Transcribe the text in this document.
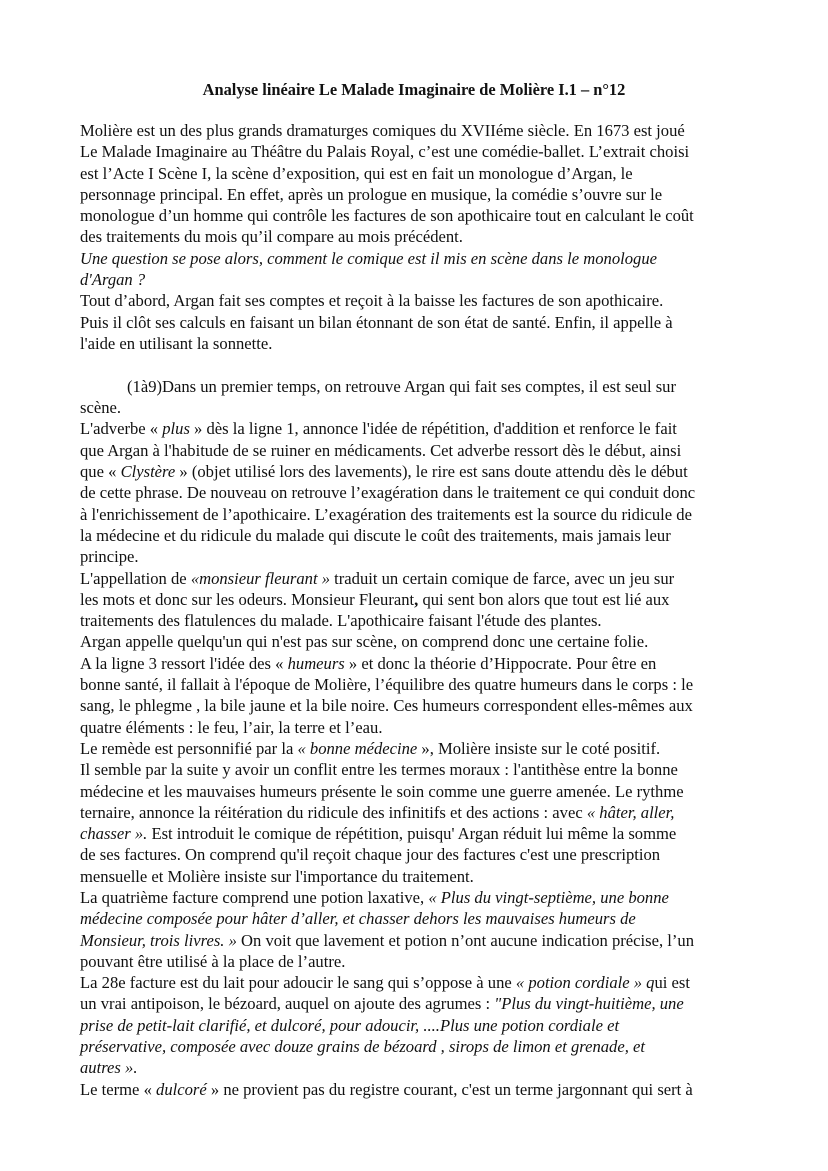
Analyse linéaire Le Malade Imaginaire de Molière I.1 – n°12
Molière est un des plus grands dramaturges comiques du XVIIéme siècle. En 1673 est joué
Le Malade Imaginaire au Théâtre du Palais Royal, c’est une comédie-ballet. L’extrait choisi
est l’Acte I Scène I, la scène d’exposition, qui est en fait un monologue d’Argan, le
personnage principal. En effet, après un prologue en musique, la comédie s’ouvre sur le
monologue d’un homme qui contrôle les factures de son apothicaire tout en calculant le coût
des traitements du mois qu’il compare au mois précédent.
Une question se pose alors, comment le comique est il mis en scène dans le monologue
d'Argan ?
Tout d’abord, Argan fait ses comptes et reçoit à la baisse les factures de son apothicaire.
Puis il clôt ses calculs en faisant un bilan étonnant de son état de santé. Enfin, il appelle à
l'aide en utilisant la sonnette.
(1à9)Dans un premier temps, on retrouve Argan qui fait ses comptes, il est seul sur
scène.
L'adverbe « plus » dès la ligne 1, annonce l'idée de répétition, d'addition et renforce le fait
que Argan à l'habitude de se ruiner en médicaments. Cet adverbe ressort dès le début, ainsi
que « Clystère » (objet utilisé lors des lavements), le rire est sans doute attendu dès le début
de cette phrase. De nouveau on retrouve l’exagération dans le traitement ce qui conduit donc
à l'enrichissement de l’apothicaire. L’exagération des traitements est la source du ridicule de
la médecine et du ridicule du malade qui discute le coût des traitements, mais jamais leur
principe.
L'appellation de «monsieur fleurant » traduit un certain comique de farce, avec un jeu sur
les mots et donc sur les odeurs. Monsieur Fleurant, qui sent bon alors que tout est lié aux
traitements des flatulences du malade. L'apothicaire faisant l'étude des plantes.
Argan appelle quelqu'un qui n'est pas sur scène, on comprend donc une certaine folie.
A la ligne 3 ressort l'idée des « humeurs » et donc la théorie d’Hippocrate. Pour être en
bonne santé, il fallait à l'époque de Molière, l’équilibre des quatre humeurs dans le corps : le
sang, le phlegme , la bile jaune et la bile noire. Ces humeurs correspondent elles-mêmes aux
quatre éléments : le feu, l’air, la terre et l’eau.
Le remède est personnifié par la « bonne médecine », Molière insiste sur le coté positif.
Il semble par la suite y avoir un conflit entre les termes moraux : l'antithèse entre la bonne
médecine et les mauvaises humeurs présente le soin comme une guerre amenée. Le rythme
ternaire, annonce la réitération du ridicule des infinitifs et des actions : avec « hâter, aller,
chasser ». Est introduit le comique de répétition, puisqu' Argan réduit lui même la somme
de ses factures. On comprend qu'il reçoit chaque jour des factures c'est une prescription
mensuelle et Molière insiste sur l'importance du traitement.
La quatrième facture comprend une potion laxative, « Plus du vingt-septième, une bonne
médecine composée pour hâter d’aller, et chasser dehors les mauvaises humeurs de
Monsieur, trois livres. » On voit que lavement et potion n’ont aucune indication précise, l’un
pouvant être utilisé à la place de l’autre.
La 28e facture est du lait pour adoucir le sang qui s’oppose à une « potion cordiale » qui est
un vrai antipoison, le bézoard, auquel on ajoute des agrumes : "Plus du vingt-huitième, une
prise de petit-lait clarifié, et dulcoré, pour adoucir, ....Plus une potion cordiale et
préservative, composée avec douze grains de bézoard , sirops de limon et grenade, et
autres ».
Le terme « dulcoré » ne provient pas du registre courant, c'est un terme jargonnant qui sert à
